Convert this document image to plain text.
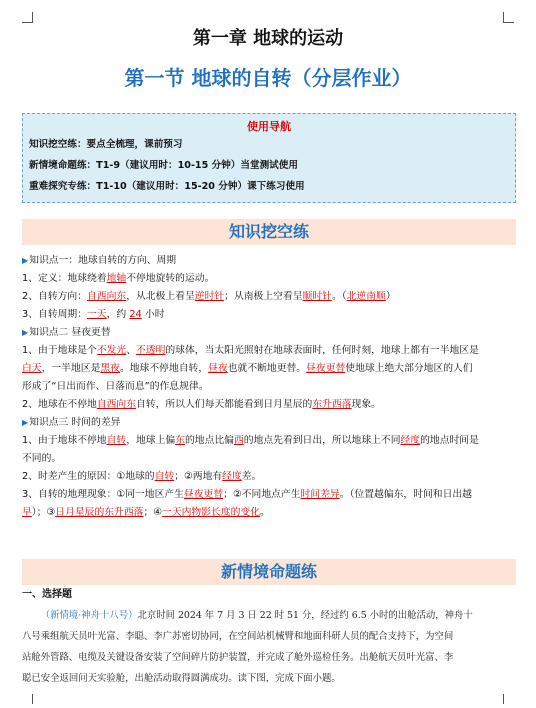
第一章 地球的运动
第一节 地球的自转（分层作业）
使用导航
知识挖空练：要点全梳理，课前预习
新情境命题练：T1-9（建议用时：10-15 分钟）当堂测试使用
重难探究专练：T1-10（建议用时：15-20 分钟）课下练习使用
知识挖空练

▶知识点一：地球自转的方向、周期

1、定义：地球绕着地轴不停地旋转的运动。

2、自转方向：自西向东，从北极上看呈逆时针；从南极上空看呈顺时针。（北逆南顺）

3、自转周期：一天，约 24 小时

▶知识点二 昼夜更替

1、由于地球是个不发光、不透明的球体，当太阳光照射在地球表面时，任何时刻，地球上都有一半地区是

白天，一半地区是黑夜。地球不停地自转，昼夜也就不断地更替。昼夜更替使地球上绝大部分地区的人们

形成了“日出而作、日落而息”的作息规律。

2、地球在不停地自西向东自转，所以人们每天都能看到日月星辰的东升西落现象。

▶知识点三 时间的差异

1、由于地球不停地自转，地球上偏东的地点比偏西的地点先看到日出，所以地球上不同经度的地点时间是

不同的。

2、时差产生的原因：①地球的自转；②两地有经度差。

3、自转的地理现象：①同一地区产生昼夜更替；②不同地点产生时间差异。（位置越偏东，时间和日出越

早）；③日月星辰的东升西落；④一天内物影长度的变化。

新情境命题练
一、选择题

  （新情境·神舟十八号）北京时间 2024 年 7 月 3 日 22 时 51 分，经过约 6.5 小时的出舱活动，神舟十

八号乘组航天员叶光富、李聪、李广苏密切协同，在空间站机械臂和地面科研人员的配合支持下，为空间

站舱外管路、电缆及关键设备安装了空间碎片防护装置，并完成了舱外巡检任务。出舱航天员叶光富、李

聪已安全返回问天实验舱，出舱活动取得圆满成功。读下图，完成下面小题。
